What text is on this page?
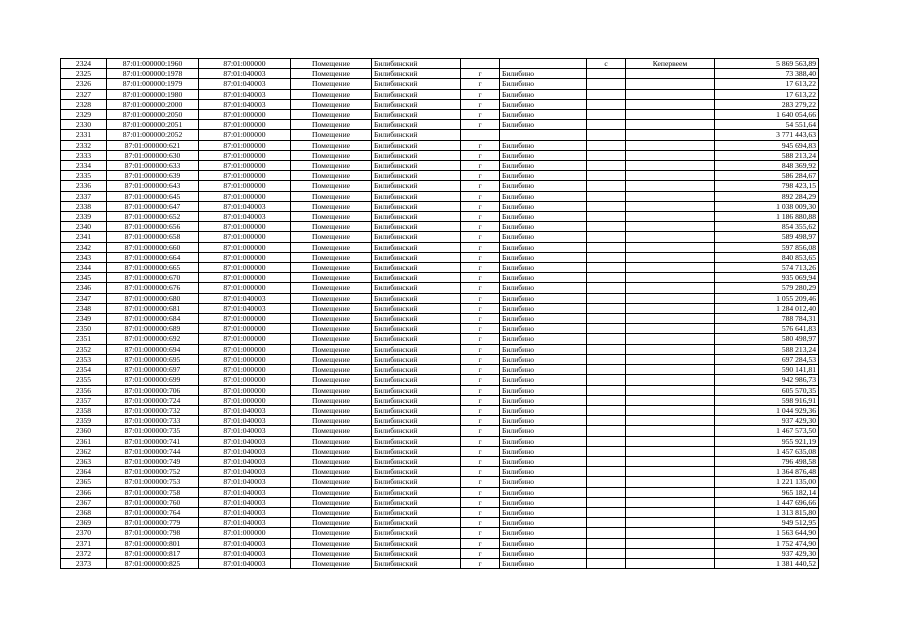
2324	87:01:000000:1960	87:01:000000	Помещение	Билибинский			с	Кепервеем	5 869 563,89
2325	87:01:000000:1978	87:01:040003	Помещение	Билибинский	г	Билибино			73 388,40
2326	87:01:000000:1979	87:01:040003	Помещение	Билибинский	г	Билибино			17 613,22
2327	87:01:000000:1980	87:01:040003	Помещение	Билибинский	г	Билибино			17 613,22
2328	87:01:000000:2000	87:01:040003	Помещение	Билибинский	г	Билибино			283 279,22
2329	87:01:000000:2050	87:01:000000	Помещение	Билибинский	г	Билибино			1 640 054,66
2330	87:01:000000:2051	87:01:000000	Помещение	Билибинский	г	Билибино			54 551,64
2331	87:01:000000:2052	87:01:000000	Помещение	Билибинский					3 771 443,63
2332	87:01:000000:621	87:01:000000	Помещение	Билибинский	г	Билибино			945 694,83
2333	87:01:000000:630	87:01:000000	Помещение	Билибинский	г	Билибино			588 213,24
2334	87:01:000000:633	87:01:000000	Помещение	Билибинский	г	Билибино			848 369,92
2335	87:01:000000:639	87:01:000000	Помещение	Билибинский	г	Билибино			586 284,67
2336	87:01:000000:643	87:01:000000	Помещение	Билибинский	г	Билибино			798 423,15
2337	87:01:000000:645	87:01:000000	Помещение	Билибинский	г	Билибино			892 284,29
2338	87:01:000000:647	87:01:040003	Помещение	Билибинский	г	Билибино			1 038 009,30
2339	87:01:000000:652	87:01:040003	Помещение	Билибинский	г	Билибино			1 186 880,88
2340	87:01:000000:656	87:01:000000	Помещение	Билибинский	г	Билибино			854 355,62
2341	87:01:000000:658	87:01:000000	Помещение	Билибинский	г	Билибино			589 498,97
2342	87:01:000000:660	87:01:000000	Помещение	Билибинский	г	Билибино			597 856,08
2343	87:01:000000:664	87:01:000000	Помещение	Билибинский	г	Билибино			840 853,65
2344	87:01:000000:665	87:01:000000	Помещение	Билибинский	г	Билибино			574 713,26
2345	87:01:000000:670	87:01:000000	Помещение	Билибинский	г	Билибино			935 069,94
2346	87:01:000000:676	87:01:000000	Помещение	Билибинский	г	Билибино			579 280,29
2347	87:01:000000:680	87:01:040003	Помещение	Билибинский	г	Билибино			1 055 209,46
2348	87:01:000000:681	87:01:040003	Помещение	Билибинский	г	Билибино			1 284 012,40
2349	87:01:000000:684	87:01:000000	Помещение	Билибинский	г	Билибино			788 784,31
2350	87:01:000000:689	87:01:000000	Помещение	Билибинский	г	Билибино			576 641,83
2351	87:01:000000:692	87:01:000000	Помещение	Билибинский	г	Билибино			580 498,97
2352	87:01:000000:694	87:01:000000	Помещение	Билибинский	г	Билибино			588 213,24
2353	87:01:000000:695	87:01:000000	Помещение	Билибинский	г	Билибино			697 284,53
2354	87:01:000000:697	87:01:000000	Помещение	Билибинский	г	Билибино			590 141,81
2355	87:01:000000:699	87:01:000000	Помещение	Билибинский	г	Билибино			942 986,73
2356	87:01:000000:706	87:01:000000	Помещение	Билибинский	г	Билибино			605 570,35
2357	87:01:000000:724	87:01:000000	Помещение	Билибинский	г	Билибино			598 916,91
2358	87:01:000000:732	87:01:040003	Помещение	Билибинский	г	Билибино			1 044 929,36
2359	87:01:000000:733	87:01:040003	Помещение	Билибинский	г	Билибино			937 429,30
2360	87:01:000000:735	87:01:040003	Помещение	Билибинский	г	Билибино			1 467 573,50
2361	87:01:000000:741	87:01:040003	Помещение	Билибинский	г	Билибино			955 921,19
2362	87:01:000000:744	87:01:040003	Помещение	Билибинский	г	Билибино			1 457 635,08
2363	87:01:000000:749	87:01:040003	Помещение	Билибинский	г	Билибино			796 498,58
2364	87:01:000000:752	87:01:040003	Помещение	Билибинский	г	Билибино			1 364 876,48
2365	87:01:000000:753	87:01:040003	Помещение	Билибинский	г	Билибино			1 221 135,00
2366	87:01:000000:758	87:01:040003	Помещение	Билибинский	г	Билибино			965 182,14
2367	87:01:000000:760	87:01:040003	Помещение	Билибинский	г	Билибино			1 447 696,66
2368	87:01:000000:764	87:01:040003	Помещение	Билибинский	г	Билибино			1 313 815,80
2369	87:01:000000:779	87:01:040003	Помещение	Билибинский	г	Билибино			949 512,95
2370	87:01:000000:798	87:01:000000	Помещение	Билибинский	г	Билибино			1 563 644,90
2371	87:01:000000:801	87:01:040003	Помещение	Билибинский	г	Билибино			1 752 474,90
2372	87:01:000000:817	87:01:040003	Помещение	Билибинский	г	Билибино			937 429,30
2373	87:01:000000:825	87:01:040003	Помещение	Билибинский	г	Билибино			1 381 440,52
